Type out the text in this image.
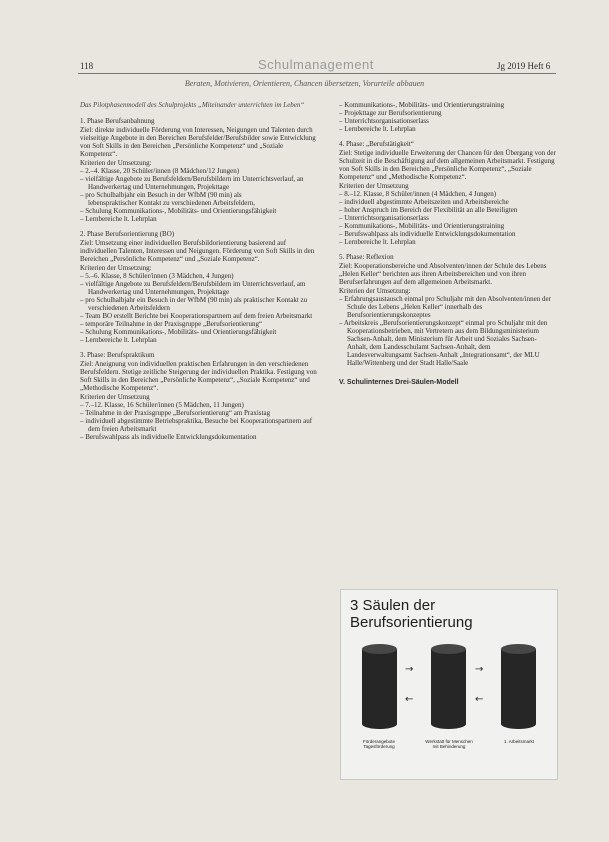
118	Schulmanagement	Jg 2019 Heft 6
Beraten, Motivieren, Orientieren, Chancen übersetzen, Vorurteile abbauen

Das Pilotphasenmodell des Schulprojekts „Miteinander unterrichten im Leben“

1. Phase Berufsanbahnung

Ziel: direkte individuelle Förderung von Interessen, Neigungen und Talenten durch vielseitige Angebote in den Bereichen Berufsfelder/Berufsbilder sowie Entwicklung von Soft Skills in den Bereichen „Persönliche Kompetenz“ und „Soziale Kompetenz“.

Kriterien der Umsetzung:

– 2.–4. Klasse, 20 Schüler/innen (8 Mädchen/12 Jungen)

– vielfältige Angebote zu Berufsfeldern/Berufsbildern im Unterrichtsverlauf, an

Handwerkertag und Unternehmungen, Projekttage

– pro Schulhalbjahr ein Besuch in der WfbM (90 min) als

lebenspraktischer Kontakt zu verschiedenen Arbeitsfeldern,

– Schulung Kommunikations-, Mobilitäts- und Orientierungsfähigkeit

– Lernbereiche lt. Lehrplan

2. Phase Berufsorientierung (BO)

Ziel: Umsetzung einer individuellen Berufsbildorientierung basierend auf individuellen Talenten, Interessen und Neigungen. Förderung von Soft Skills in den Bereichen „Persönliche Kompetenz“ und „Soziale Kompetenz“.

Kriterien der Umsetzung:

– 5.–6. Klasse, 8 Schüler/innen (3 Mädchen, 4 Jungen)

– vielfältige Angebote zu Berufsfeldern/Berufsbildern im Unterrichtsverlauf, am Handwerkertag und Unternehmungen, Projekttage

– pro Schulhalbjahr ein Besuch in der WfbM (90 min) als praktischer Kontakt zu verschiedenen Arbeitsfeldern

– Team BO erstellt Berichte bei Kooperationspartnern auf dem freien Arbeitsmarkt

– temporäre Teilnahme in der Praxisgruppe „Berufsorientierung“

– Schulung Kommunikations-, Mobilitäts- und Orientierungsfähigkeit

– Lernbereiche lt. Lehrplan

3. Phase: Berufspraktikum

Ziel: Aneignung von individuellen praktischen Erfahrungen in den verschiedenen Berufsfeldern. Stetige zeitliche Steigerung der individuellen Praktika. Festigung von Soft Skills in den Bereichen „Persönliche Kompetenz“, „Soziale Kompetenz“ und „Methodische Kompetenz“.

Kriterien der Umsetzung

– 7.–12. Klasse, 16 Schüler/innen (5 Mädchen, 11 Jungen)

– Teilnahme in der Praxisgruppe „Berufsorientierung“ am Praxistag

– individuell abgestimmte Betriebspraktika, Besuche bei Kooperationspartnern auf dem freien Arbeitsmarkt

– Berufswahlpass als individuelle Entwicklungsdokumentation

– Kommunikations-, Mobilitäts- und Orientierungstraining

– Projekttage zur Berufsorientierung

– Unterrichtsorganisationserlass

– Lernbereiche lt. Lehrplan

4. Phase: „Berufstätigkeit“

Ziel: Stetige individuelle Erweiterung der Chancen für den Übergang von der Schulzeit in die Beschäftigung auf dem allgemeinen Arbeitsmarkt. Festigung von Soft Skills in den Bereichen „Persönliche Kompetenz“, „Soziale Kompetenz“ und „Methodische Kompetenz“.

Kriterien der Umsetzung

– 8.–12. Klasse, 8 Schüler/innen (4 Mädchen, 4 Jungen)

– individuell abgestimmte Arbeitszeiten und Arbeitsbereiche

– hoher Anspruch im Bereich der Flexibilität an alle Beteiligten

– Unterrichtsorganisationserlass

– Kommunikations-, Mobilitäts- und Orientierungstraining

– Berufswahlpass als individuelle Entwicklungsdokumentation

– Lernbereiche lt. Lehrplan

5. Phase: Reflexion

Ziel: Kooperationsbereiche und Absolventen/innen der Schule des Lebens „Helen Keller“ berichten aus ihren Arbeitsbereichen und von ihren Berufserfahrungen auf dem allgemeinen Arbeitsmarkt.

Kriterien der Umsetzung:

– Erfahrungsaustausch einmal pro Schuljahr mit den Absolventen/innen der Schule des Lebens „Helen Keller“ innerhalb des Berufsorientierungskonzeptes

– Arbeitskreis „Berufsorientierungskonzept“ einmal pro Schuljahr mit den Kooperationsbetrieben, mit Vertretern aus dem Bildungsministerium Sachsen-Anhalt, dem Ministerium für Arbeit und Soziales Sachsen-Anhalt, dem Landesschulamt Sachsen-Anhalt, dem Landesverwaltungsamt Sachsen-Anhalt „Integrationsamt“, der MLU Halle/Wittenberg und der Stadt Halle/Saale

V. Schulinternes Drei-Säulen-Modell

3 Säulen der Berufsorientierung
→
←
→
←
Förderangebote Tagesförderung
Werkstatt für Menschen mit Behinderung
1. Arbeitsmarkt
